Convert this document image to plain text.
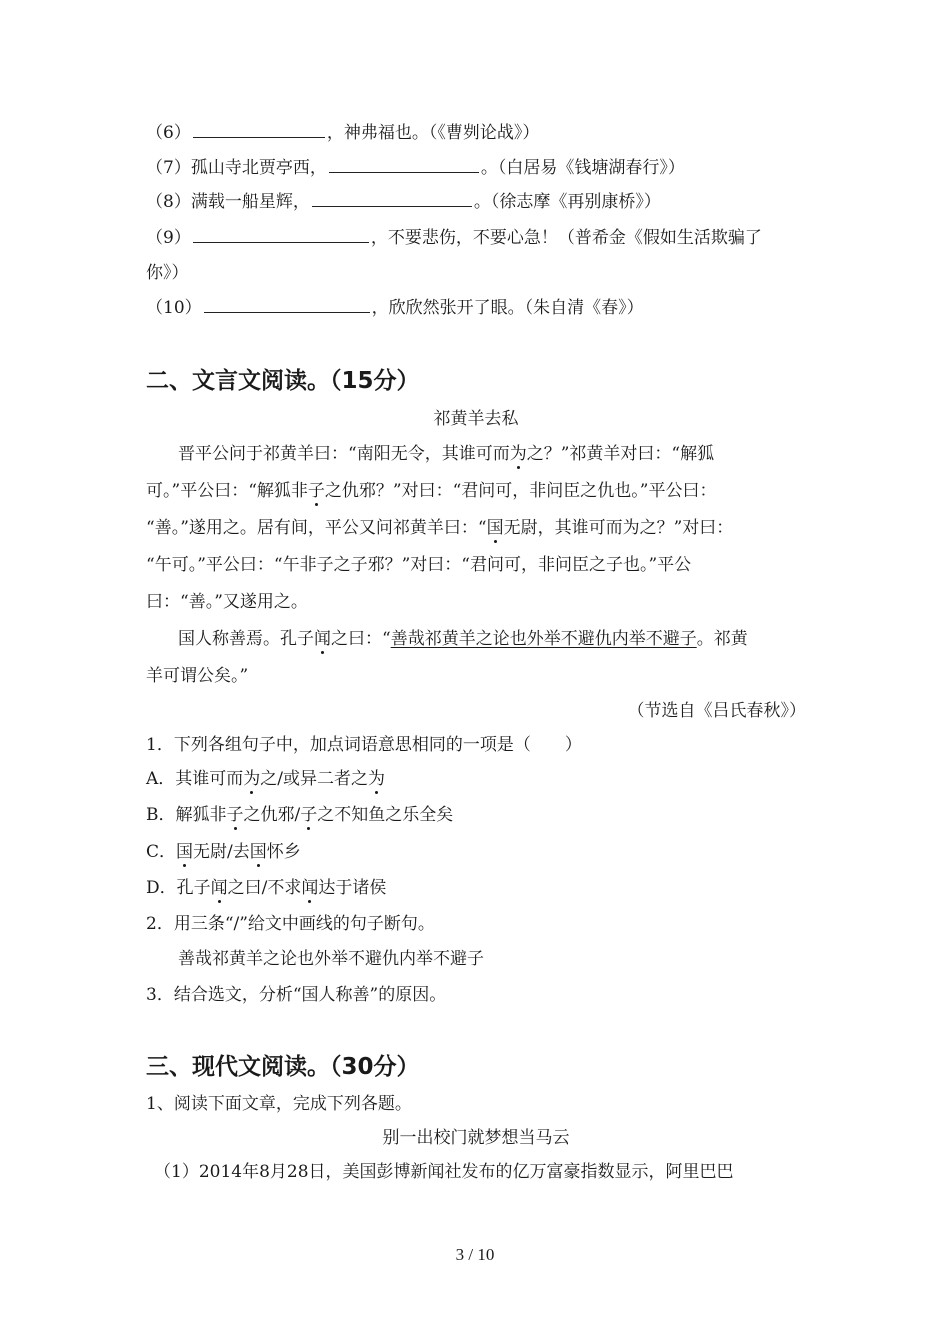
（6）	，神弗福也。（《曹刿论战》）
（7）孤山寺北贾亭西，	。（白居易《钱塘湖春行》）
（8）满载一船星辉，	。（徐志摩《再别康桥》）
（9）	，不要悲伤，不要心急！（普希金《假如生活欺骗了
你》）
（10）	，欣欣然张开了眼。（朱自清《春》）
二、文言文阅读。（15分）
祁黄羊去私
晋平公问于祁黄羊曰：“南阳无令，其谁可而为之？”祁黄羊对曰：“解狐
可。”平公曰：“解狐非子之仇邪？”对曰：“君问可，非问臣之仇也。”平公曰：
“善。”遂用之。居有间，平公又问祁黄羊曰：“国无尉，其谁可而为之？”对曰：
“午可。”平公曰：“午非子之子邪？”对曰：“君问可，非问臣之子也。”平公
曰：“善。”又遂用之。
国人称善焉。孔子闻之曰：“善哉祁黄羊之论也外举不避仇内举不避子。祁黄
羊可谓公矣。”
（节选自《吕氏春秋》）
1．下列各组句子中，加点词语意思相同的一项是（　　）
A．其谁可而为之/或异二者之为
B．解狐非子之仇邪/子之不知鱼之乐全矣
C．国无尉/去国怀乡
D．孔子闻之曰/不求闻达于诸侯
2．用三条“/”给文中画线的句子断句。
善哉祁黄羊之论也外举不避仇内举不避子
3．结合选文，分析“国人称善”的原因。
三、现代文阅读。（30分）
1、阅读下面文章，完成下列各题。
别一出校门就梦想当马云
（1）2014年8月28日，美国彭博新闻社发布的亿万富豪指数显示，阿里巴巴
3 / 10
